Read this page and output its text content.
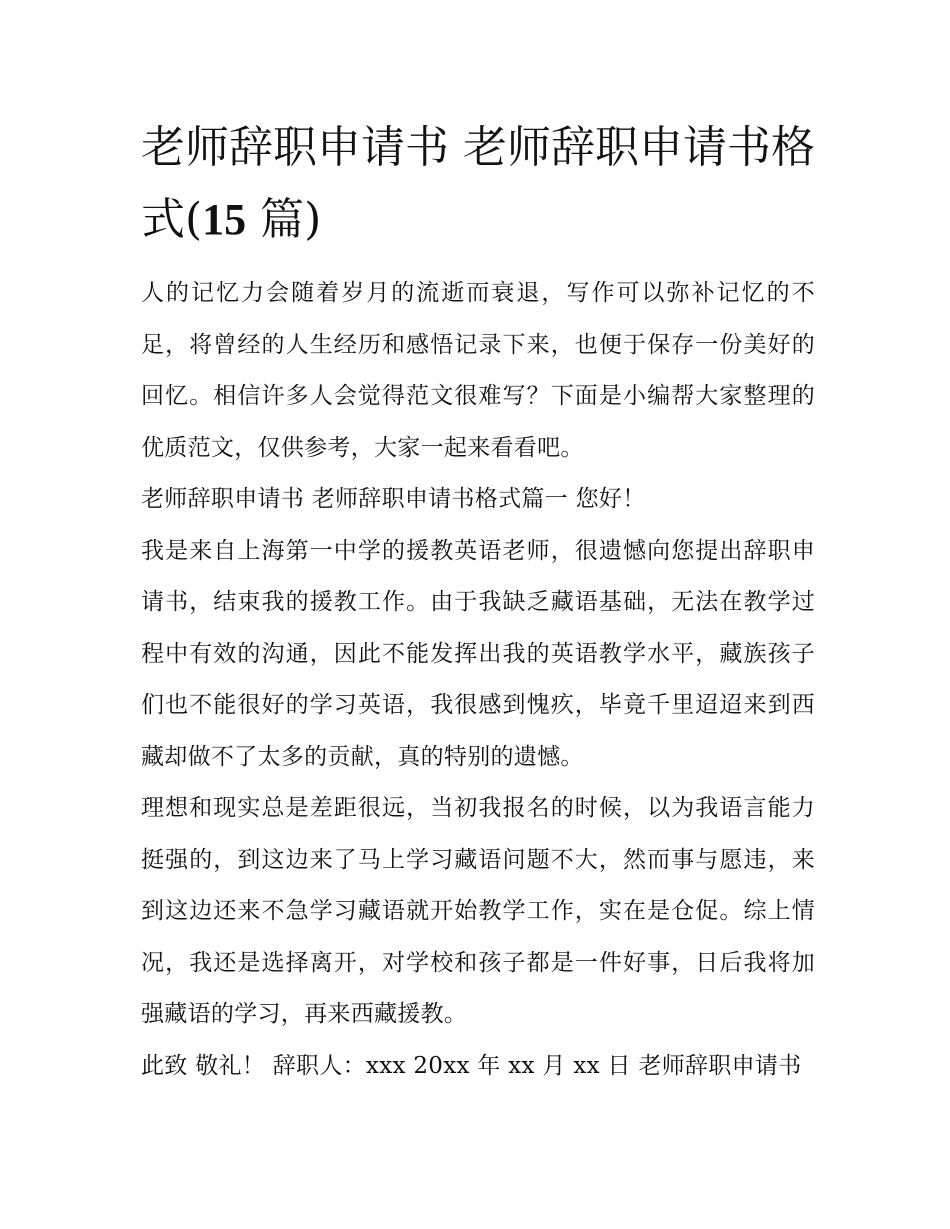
老师辞职申请书 老师辞职申请书格式(15 篇)

人的记忆力会随着岁月的流逝而衰退，写作可以弥补记忆的不足，将曾经的人生经历和感悟记录下来，也便于保存一份美好的回忆。相信许多人会觉得范文很难写？下面是小编帮大家整理的优质范文，仅供参考，大家一起来看看吧。

老师辞职申请书 老师辞职申请书格式篇一 您好！

我是来自上海第一中学的援教英语老师，很遗憾向您提出辞职申请书，结束我的援教工作。由于我缺乏藏语基础，无法在教学过程中有效的沟通，因此不能发挥出我的英语教学水平，藏族孩子们也不能很好的学习英语，我很感到愧疚，毕竟千里迢迢来到西藏却做不了太多的贡献，真的特别的遗憾。

理想和现实总是差距很远，当初我报名的时候，以为我语言能力挺强的，到这边来了马上学习藏语问题不大，然而事与愿违，来到这边还来不急学习藏语就开始教学工作，实在是仓促。综上情况，我还是选择离开，对学校和孩子都是一件好事，日后我将加强藏语的学习，再来西藏援教。

此致 敬礼！ 辞职人：xxx 20xx 年 xx 月 xx 日 老师辞职申请书
